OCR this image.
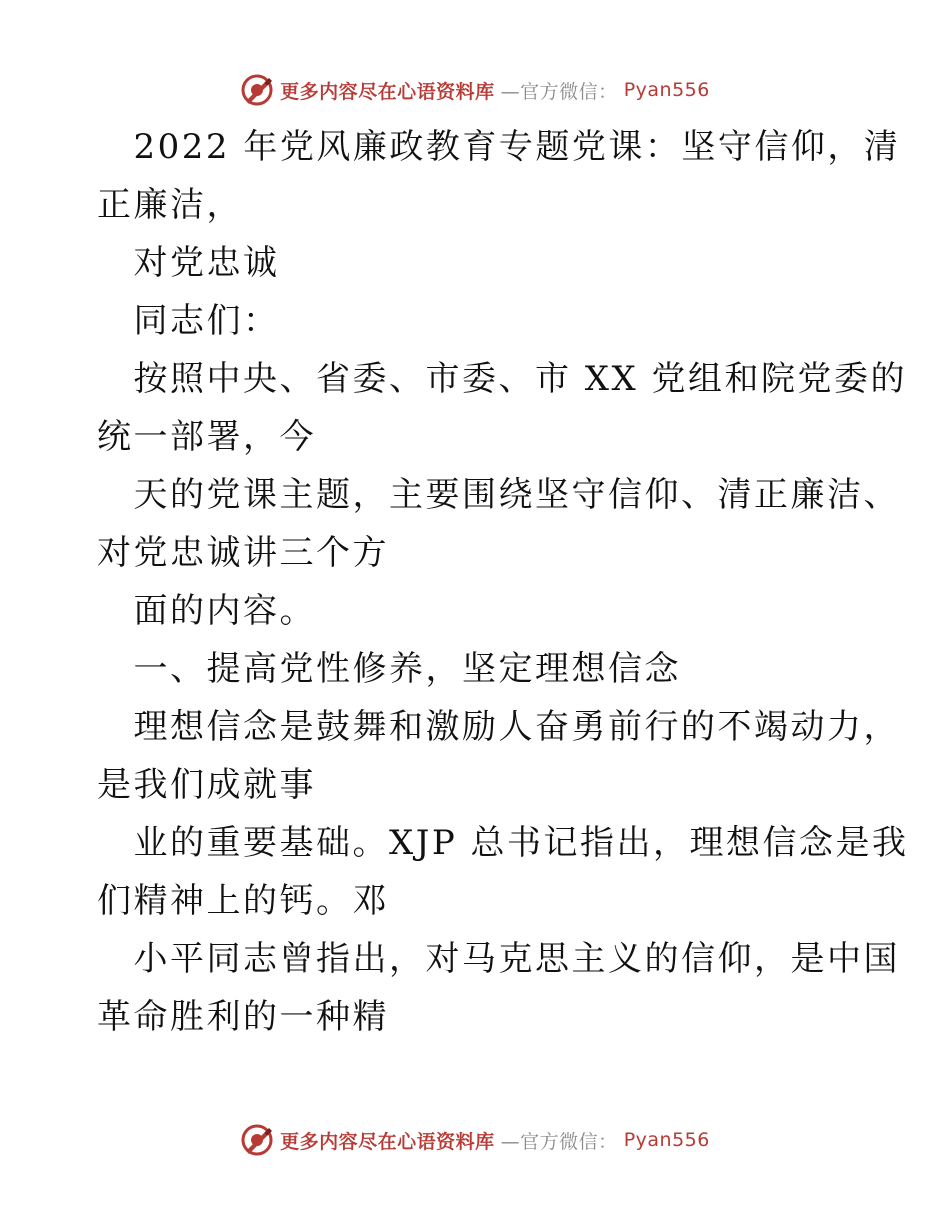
更多内容尽在心语资料库 —官方微信： Pyan556

　2022 年党风廉政教育专题党课：坚守信仰，清

正廉洁，

　对党忠诚

　同志们：

　按照中央、省委、市委、市 XX 党组和院党委的

统一部署，今

　天的党课主题，主要围绕坚守信仰、清正廉洁、

对党忠诚讲三个方

　面的内容。

　一、提高党性修养，坚定理想信念

　理想信念是鼓舞和激励人奋勇前行的不竭动力，

是我们成就事

　业的重要基础。XJP 总书记指出，理想信念是我

们精神上的钙。邓

　小平同志曾指出，对马克思主义的信仰，是中国

革命胜利的一种精

更多内容尽在心语资料库 —官方微信： Pyan556
